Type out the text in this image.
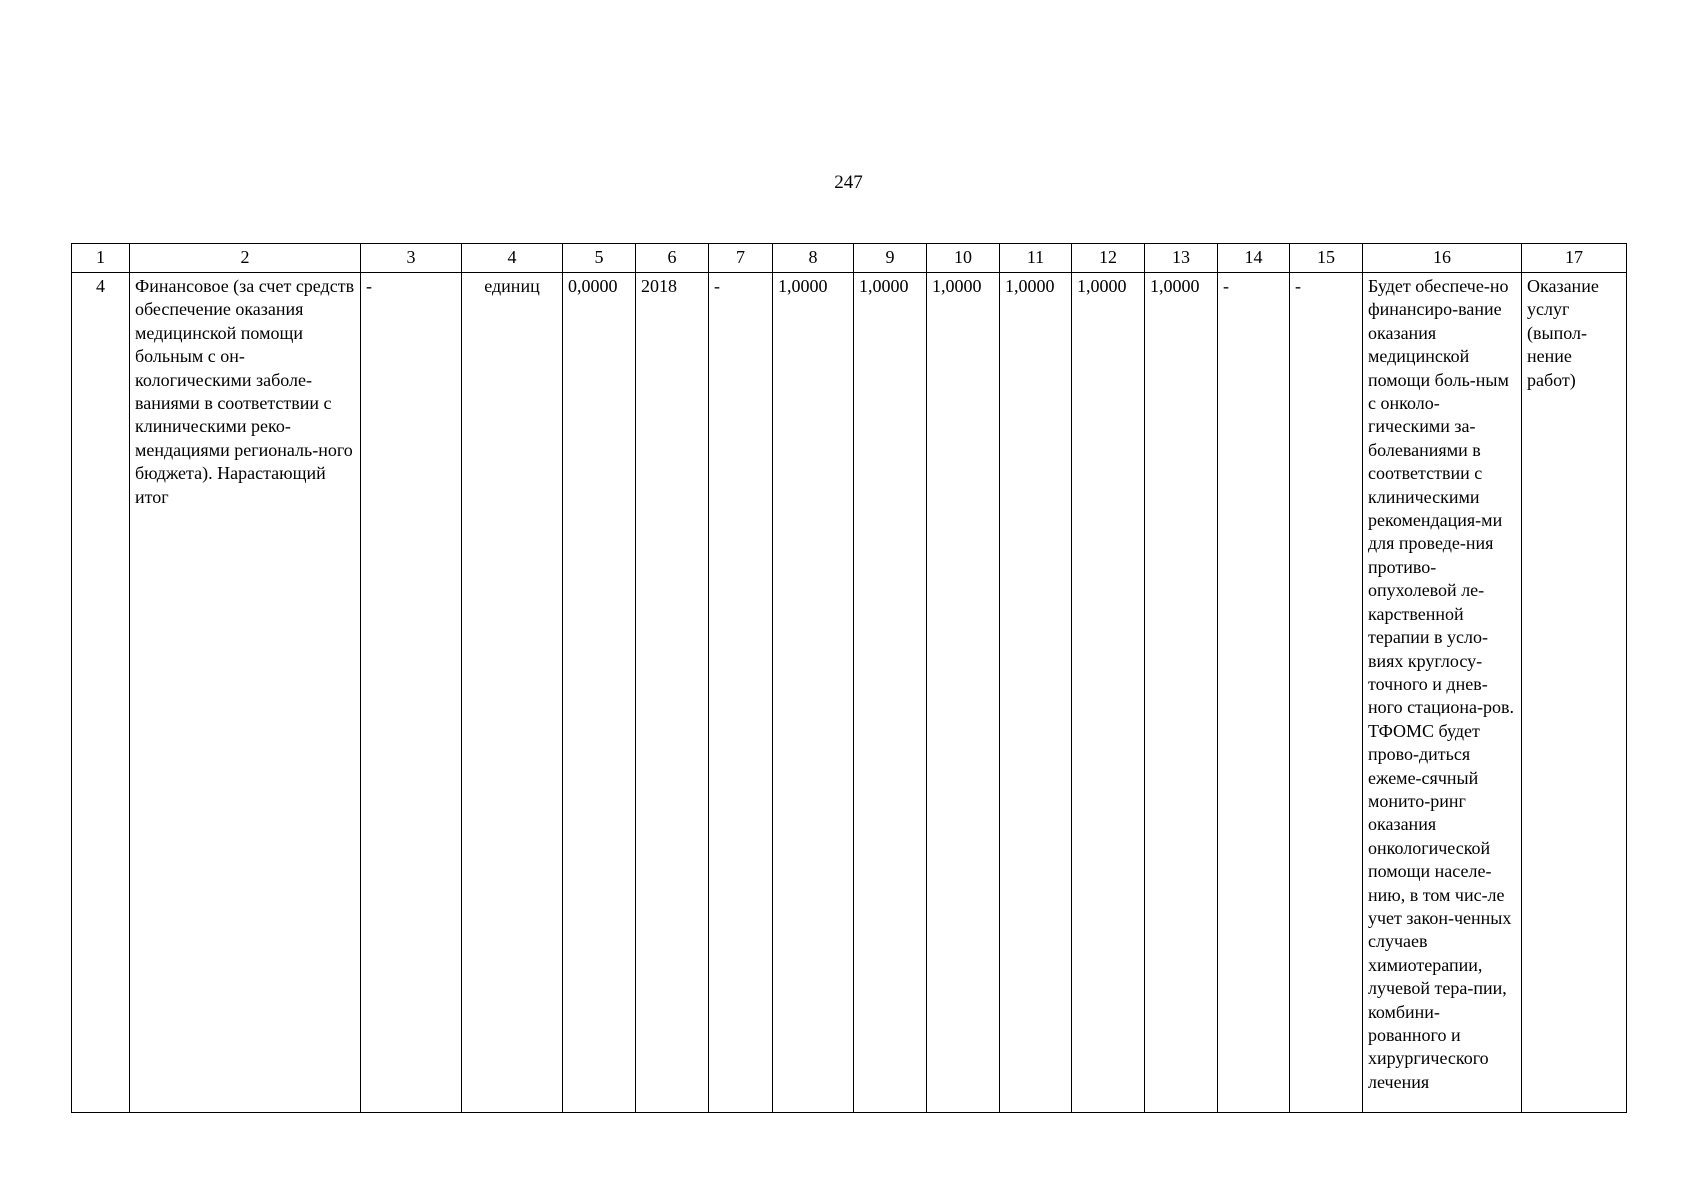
247
1	2	3	4	5	6	7	8	9	10	11	12	13	14	15	16	17
4	Финансовое (за счет средств обеспечение оказания медицинской помощи больным с он-кологическими заболе-ваниями в соответствии с клиническими реко-мендациями региональ-ного бюджета). Нарастающий итог	-	единиц	0,0000	2018	-	1,0000	1,0000	1,0000	1,0000	1,0000	1,0000	-	-	Будет обеспече-но финансиро-вание оказания медицинской помощи боль-ным с онколо-гическими за-болеваниями в соответствии с клиническими рекомендация-ми для проведе-ния противо-опухолевой ле-карственной терапии в усло-виях круглосу-точного и днев-ного стациона-ров. ТФОМС будет прово-диться ежеме-сячный монито-ринг оказания онкологической помощи населе-нию, в том чис-ле учет закон-ченных случаев химиотерапии, лучевой тера-пии, комбини-рованного и хирургического лечения	Оказание услуг (выпол-нение работ)
